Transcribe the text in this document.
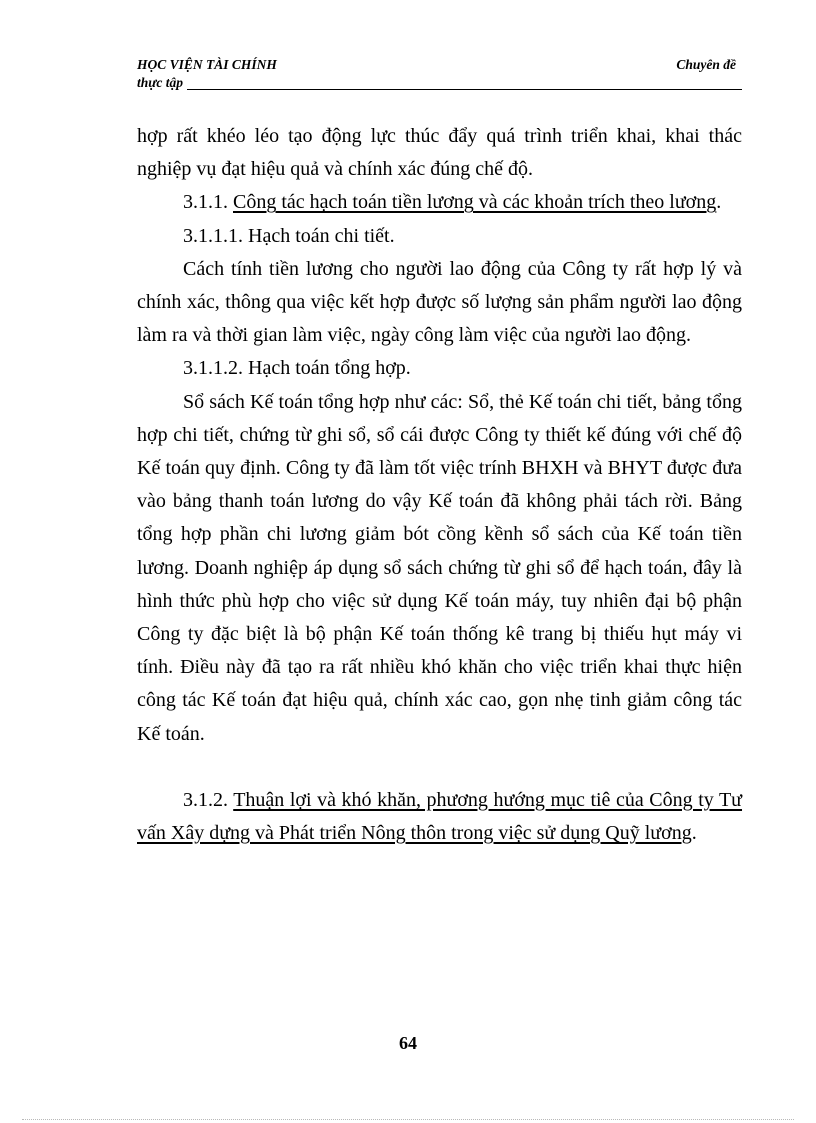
HỌC VIỆN TÀI CHÍNH	Chuyên đề
thực tập

hợp rất khéo léo tạo động lực thúc đẩy quá trình triển khai, khai thác nghiệp vụ đạt hiệu quả và chính xác đúng chế độ.

3.1.1. Công tác hạch toán tiền lương và các khoản trích theo lương.

3.1.1.1. Hạch toán chi tiết.

Cách tính tiền lương cho người lao động của Công ty rất hợp lý và chính xác, thông qua việc kết hợp được số lượng sản phẩm người lao động làm ra và thời gian làm việc, ngày công làm việc của người lao động.

3.1.1.2. Hạch toán tổng hợp.

Sổ sách Kế toán tổng hợp như các: Sổ, thẻ Kế toán chi tiết, bảng tổng hợp chi tiết, chứng từ ghi sổ, sổ cái được Công ty thiết kế đúng với chế độ Kế toán quy định. Công ty đã làm tốt việc trính BHXH và BHYT được đưa vào bảng thanh toán lương do vậy Kế toán đã không phải tách rời. Bảng tổng hợp phần chi lương giảm bót cồng kềnh sổ sách của Kế toán tiền lương. Doanh nghiệp áp dụng sổ sách chứng từ ghi sổ để hạch toán, đây là hình thức phù hợp cho việc sử dụng Kế toán máy, tuy nhiên đại bộ phận Công ty đặc biệt là bộ phận Kế toán thống kê trang bị thiếu hụt máy vi tính. Điều này đã tạo ra rất nhiều khó khăn cho việc triển khai thực hiện công tác Kế toán đạt hiệu quả, chính xác cao, gọn nhẹ tinh giảm công tác Kế toán.

3.1.2. Thuận lợi và khó khăn, phương hướng mục tiê của Công ty Tư vấn Xây dựng và Phát triển Nông thôn trong việc sử dụng Quỹ lương.

64
